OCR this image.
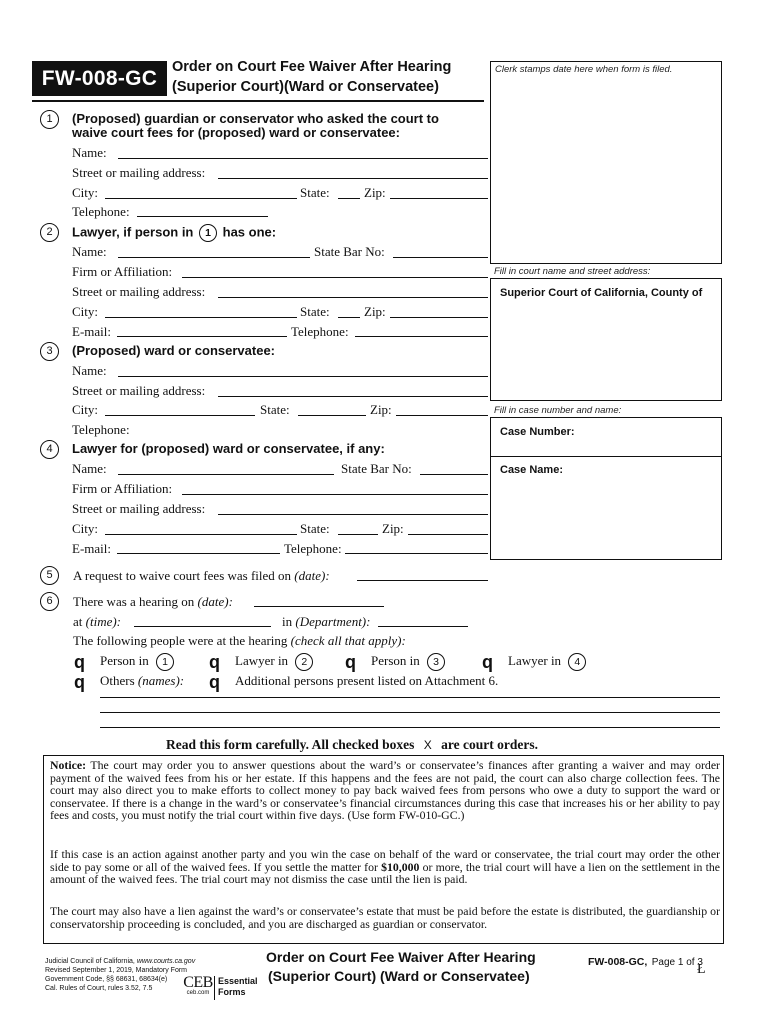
FW-008-GC	Order on Court Fee Waiver After Hearing
(Superior Court)(Ward or Conservatee)
Clerk stamps date here when form is filed.
Fill in court name and street address:
Superior Court of California, County of
Fill in case number and name:
Case Number:
Case Name:
1	(Proposed) guardian or conservator who asked the court to
waive court fees for (proposed) ward or conservatee:
Name:
Street or mailing address:
City:	State:	Zip:
Telephone:
2	Lawyer, if person in 1 has one:
Name:	State Bar No:
Firm or Affiliation:
Street or mailing address:
City:	State:	Zip:
E-mail:	Telephone:
3	(Proposed) ward or conservatee:
Name:
Street or mailing address:
City:	State:	Zip:
Telephone:
4	Lawyer for (proposed) ward or conservatee, if any:
Name:	State Bar No:
Firm or Affiliation:
Street or mailing address:
City:	State:	Zip:
E-mail:	Telephone:
5	A request to waive court fees was filed on (date):
6	There was a hearing on (date):
at (time):	in (Department):
The following people were at the hearing (check all that apply):
q Person in 1	q Lawyer in 2	q Person in 3	q Lawyer in 4
q Others (names): q Additional persons present listed on Attachment 6.
Read this form carefully. All checked boxes X are court orders.
Notice: The court may order you to answer questions about the ward’s or conservatee’s finances after granting a waiver and may order payment of the waived fees from his or her estate. If this happens and the fees are not paid, the court can also charge collection fees. The court may also direct you to make efforts to collect money to pay back waived fees from persons who owe a duty to support the ward or conservatee. If there is a change in the ward’s or conservatee’s financial circumstances during this case that increases his or her ability to pay fees and costs, you must notify the trial court within five days. (Use form FW-010-GC.)
If this case is an action against another party and you win the case on behalf of the ward or conservatee, the trial court may order the other side to pay some or all of the waived fees. If you settle the matter for $10,000 or more, the trial court will have a lien on the settlement in the amount of the waived fees. The trial court may not dismiss the case until the lien is paid.
The court may also have a lien against the ward’s or conservatee’s estate that must be paid before the estate is distributed, the guardianship or conservatorship proceeding is concluded, and you are discharged as guardian or conservator.
Judicial Council of California, www.courts.ca.gov
Revised September 1, 2019, Mandatory Form
Government Code, §§ 68631, 68634(e)
Cal. Rules of Court, rules 3.52, 7.5	CEB
ceb.com
Essential
Forms
Order on Court Fee Waiver After Hearing
(Superior Court) (Ward or Conservatee)
FW-008-GC, Page 1 of 3
Ł
